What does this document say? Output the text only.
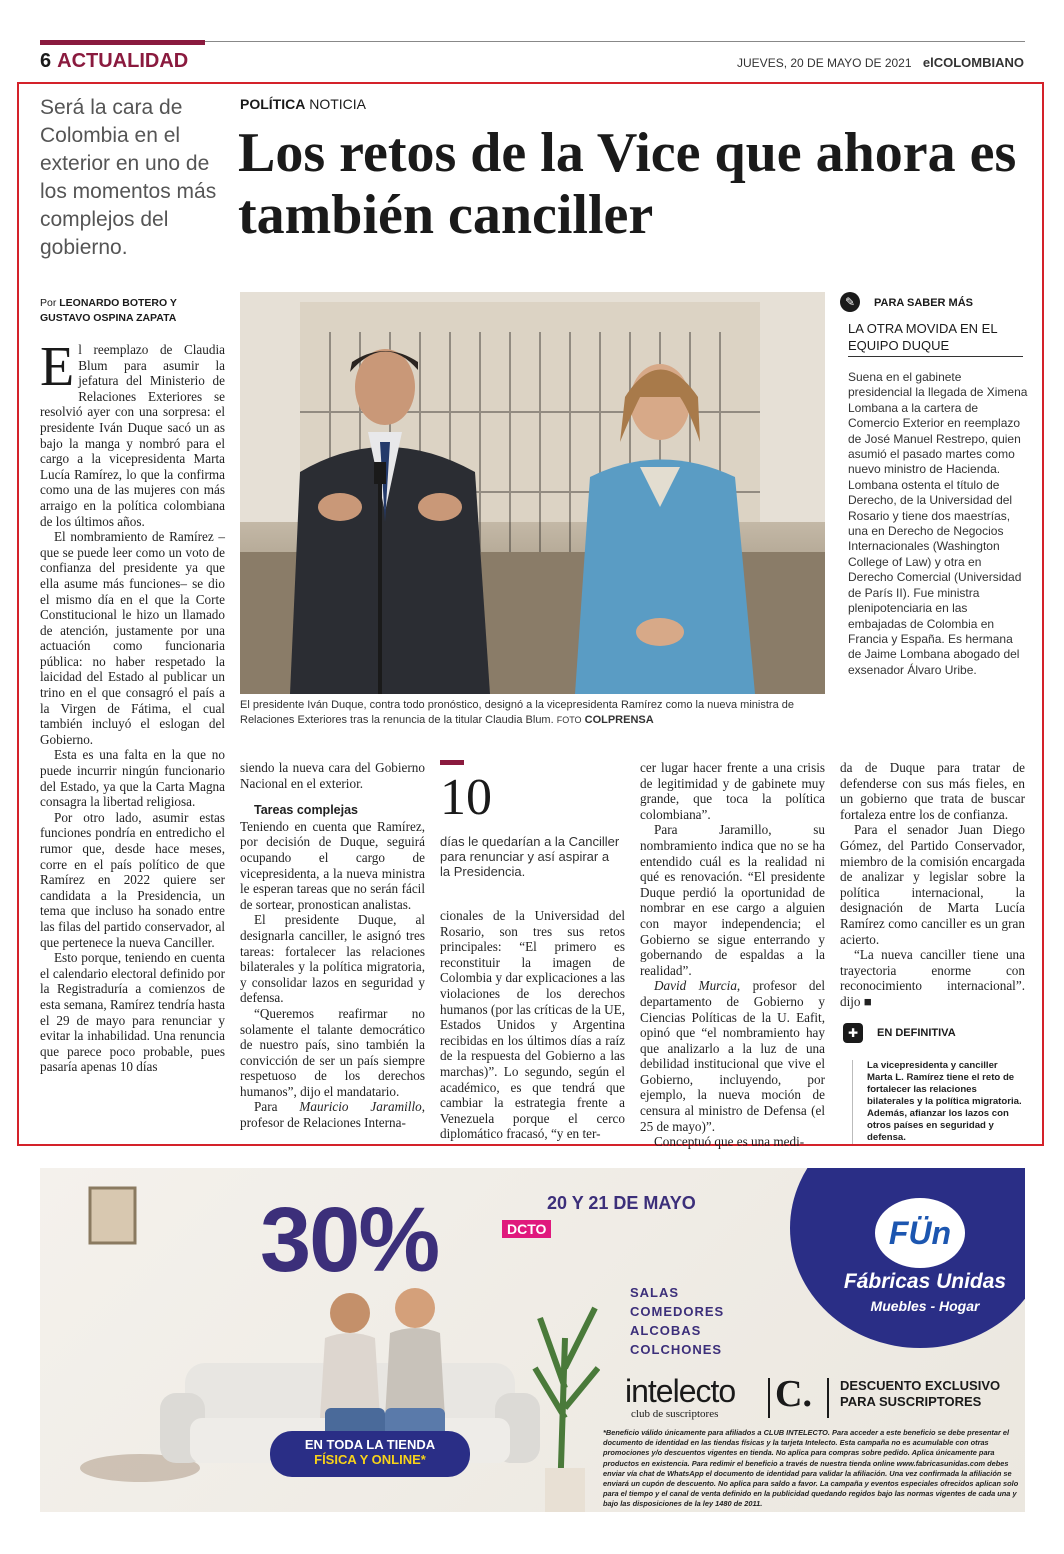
6 ACTUALIDAD	JUEVES, 20 DE MAYO DE 2021 elCOLOMBIANO
Será la cara de Colombia en el exterior en uno de los momentos más complejos del gobierno.
POLÍTICA NOTICIA
Los retos de la Vice que ahora es también canciller
Por LEONARDO BOTERO Y GUSTAVO OSPINA ZAPATA

El reemplazo de Claudia Blum para asumir la jefatura del Ministerio de Relaciones Exteriores se resolvió ayer con una sorpresa: el presidente Iván Duque sacó un as bajo la manga y nombró para el cargo a la vicepresidenta Marta Lucía Ramírez, lo que la confirma como una de las mujeres con más arraigo en la política colombiana de los últimos años.

El nombramiento de Ramírez –que se puede leer como un voto de confianza del presidente ya que ella asume más funciones– se dio el mismo día en el que la Corte Constitucional le hizo un llamado de atención, justamente por una actuación como funcionaria pública: no haber respetado la laicidad del Estado al publicar un trino en el que consagró el país a la Virgen de Fátima, el cual también incluyó el eslogan del Gobierno.

Esta es una falta en la que no puede incurrir ningún funcionario del Estado, ya que la Carta Magna consagra la libertad religiosa.

Por otro lado, asumir estas funciones pondría en entredicho el rumor que, desde hace meses, corre en el país político de que Ramírez en 2022 quiere ser candidata a la Presidencia, un tema que incluso ha sonado entre las filas del partido conservador, al que pertenece la nueva Canciller.

Esto porque, teniendo en cuenta el calendario electoral definido por la Registraduría a comienzos de esta semana, Ramírez tendría hasta el 29 de mayo para renunciar y evitar la inhabilidad. Una renuncia que parece poco probable, pues pasaría apenas 10 días

El presidente Iván Duque, contra todo pronóstico, designó a la vicepresidenta Ramírez como la nueva ministra de Relaciones Exteriores tras la renuncia de la titular Claudia Blum. FOTO COLPRENSA
✎	PARA SABER MÁS
LA OTRA MOVIDA EN EL EQUIPO DUQUE
Suena en el gabinete presidencial la llegada de Ximena Lombana a la cartera de Comercio Exterior en reemplazo de José Manuel Restrepo, quien asumió el pasado martes como nuevo ministro de Hacienda. Lombana ostenta el título de Derecho, de la Universidad del Rosario y tiene dos maestrías, una en Derecho de Negocios Internacionales (Washington College of Law) y otra en Derecho Comercial (Universidad de París II). Fue ministra plenipotenciaria en las embajadas de Colombia en Francia y España. Es hermana de Jaime Lombana abogado del exsenador Álvaro Uribe.
10
días le quedarían a la Canciller para renunciar y así aspirar a la Presidencia.

siendo la nueva cara del Gobierno Nacional en el exterior.

Tareas complejas

Teniendo en cuenta que Ramírez, por decisión de Duque, seguirá ocupando el cargo de vicepresidenta, a la nueva ministra le esperan tareas que no serán fácil de sortear, pronostican analistas.

El presidente Duque, al designarla canciller, le asignó tres tareas: fortalecer las relaciones bilaterales y la política migratoria, y consolidar lazos en seguridad y defensa.

“Queremos reafirmar no solamente el talante democrático de nuestro país, sino también la convicción de ser un país siempre respetuoso de los derechos humanos”, dijo el mandatario.

Para Mauricio Jaramillo, profesor de Relaciones Interna-

cionales de la Universidad del Rosario, son tres sus retos principales: “El primero es reconstituir la imagen de Colombia y dar explicaciones a las violaciones de los derechos humanos (por las críticas de la UE, Estados Unidos y Argentina recibidas en los últimos días a raíz de la respuesta del Gobierno a las marchas)”. Lo segundo, según el académico, es que tendrá que cambiar la estrategia frente a Venezuela porque el cerco diplomático fracasó, “y en ter-

cer lugar hacer frente a una crisis de legitimidad y de gabinete muy grande, que toca la política colombiana”.

Para Jaramillo, su nombramiento indica que no se ha entendido cuál es la realidad ni qué es renovación. “El presidente Duque perdió la oportunidad de nombrar en ese cargo a alguien con mayor independencia; el Gobierno se sigue enterrando y gobernando de espaldas a la realidad”.

David Murcia, profesor del departamento de Gobierno y Ciencias Políticas de la U. Eafit, opinó que “el nombramiento hay que analizarlo a la luz de una debilidad institucional que vive el Gobierno, incluyendo, por ejemplo, la nueva moción de censura al ministro de Defensa (el 25 de mayo)”.

Conceptuó que es una medi-

da de Duque para tratar de defenderse con sus más fieles, en un gobierno que trata de buscar fortaleza entre los de confianza.

Para el senador Juan Diego Gómez, del Partido Conservador, miembro de la comisión encargada de analizar y legislar sobre la política internacional, la designación de Marta Lucía Ramírez como canciller es un gran acierto.

“La nueva canciller tiene una trayectoria enorme con reconocimiento internacional”. dijo ■

✚	EN DEFINITIVA
La vicepresidenta y canciller Marta L. Ramírez tiene el reto de fortalecer las relaciones bilaterales y la política migratoria. Además, afianzar los lazos con otros países en seguridad y defensa.
30%	DCTO
20 Y 21 DE MAYO
SALAS
COMEDORES
ALCOBAS
COLCHONES
FÜn
Fábricas Unidas
Muebles - Hogar
intelecto
club de suscriptores C. DESCUENTO EXCLUSIVO
PARA SUSCRIPTORES
*Beneficio válido únicamente para afiliados a CLUB INTELECTO. Para acceder a este beneficio se debe presentar el documento de identidad en las tiendas físicas y la tarjeta Intelecto. Esta campaña no es acumulable con otras promociones y/o descuentos vigentes en tienda. No aplica para compras sobre pedido. Aplica únicamente para productos en existencia. Para redimir el beneficio a través de nuestra tienda online www.fabricasunidas.com debes enviar vía chat de WhatsApp el documento de identidad para validar la afiliación. Una vez confirmada la afiliación se enviará un cupón de descuento. No aplica para saldo a favor. La campaña y eventos especiales ofrecidos aplican solo para el tiempo y el canal de venta definido en la publicidad quedando regidos bajo las normas vigentes de cada una y bajo las disposiciones de la ley 1480 de 2011.
EN TODA LA TIENDA
FÍSICA Y ONLINE*
